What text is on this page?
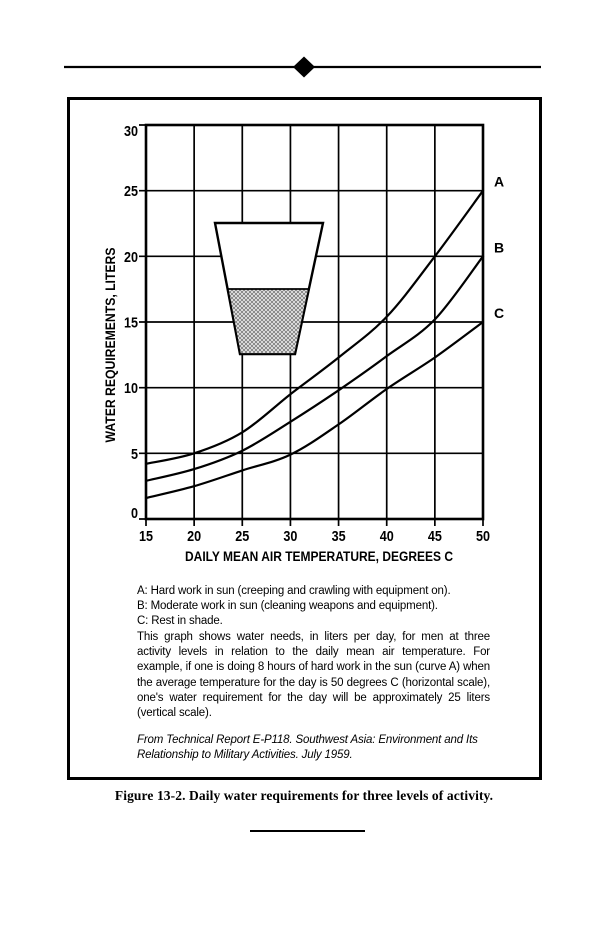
0
5
10
15
20
25
30
15 20 25 30 35 40 45 50
A
B
C
DAILY MEAN AIR TEMPERATURE, DEGREES C
WATER REQUIREMENTS, LITERS
A: Hard work in sun (creeping and crawling with equipment on).
B: Moderate work in sun (cleaning weapons and equipment).
C: Rest in shade.

This graph shows water needs, in liters per day, for men at three activity levels in relation to the daily mean air temperature. For example, if one is doing 8 hours of hard work in the sun (curve A) when the average temperature for the day is 50 degrees C (horizontal scale), one's water requirement for the day will be approximately 25 liters (vertical scale).

From Technical Report E-P118. Southwest Asia: Environment and Its Relationship to Military Activities. July 1959.

Figure 13-2. Daily water requirements for three levels of activity.
